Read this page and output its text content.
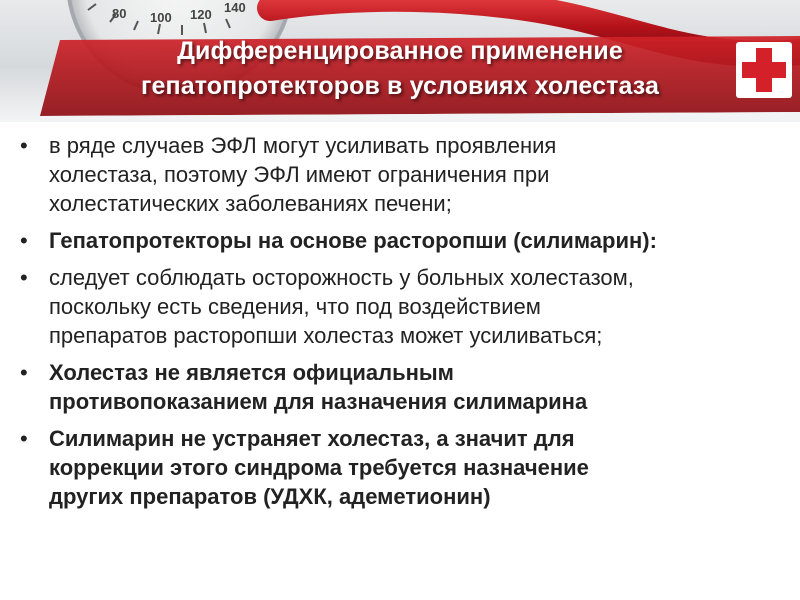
80 100 120 140
Дифференцированное применение
гепатопротекторов в условиях холестаза
• в ряде случаев ЭФЛ могут усиливать проявления
холестаза, поэтому ЭФЛ имеют ограничения при
холестатических заболеваниях печени;
• Гепатопротекторы на основе расторопши (силимарин):
• следует соблюдать осторожность у больных холестазом,
поскольку есть сведения, что под воздействием
препаратов расторопши холестаз может усиливаться;
• Холестаз не является официальным
противопоказанием для назначения силимарина
• Силимарин не устраняет холестаз, а значит для
коррекции этого синдрома требуется назначение
других препаратов (УДХК, адеметионин)
